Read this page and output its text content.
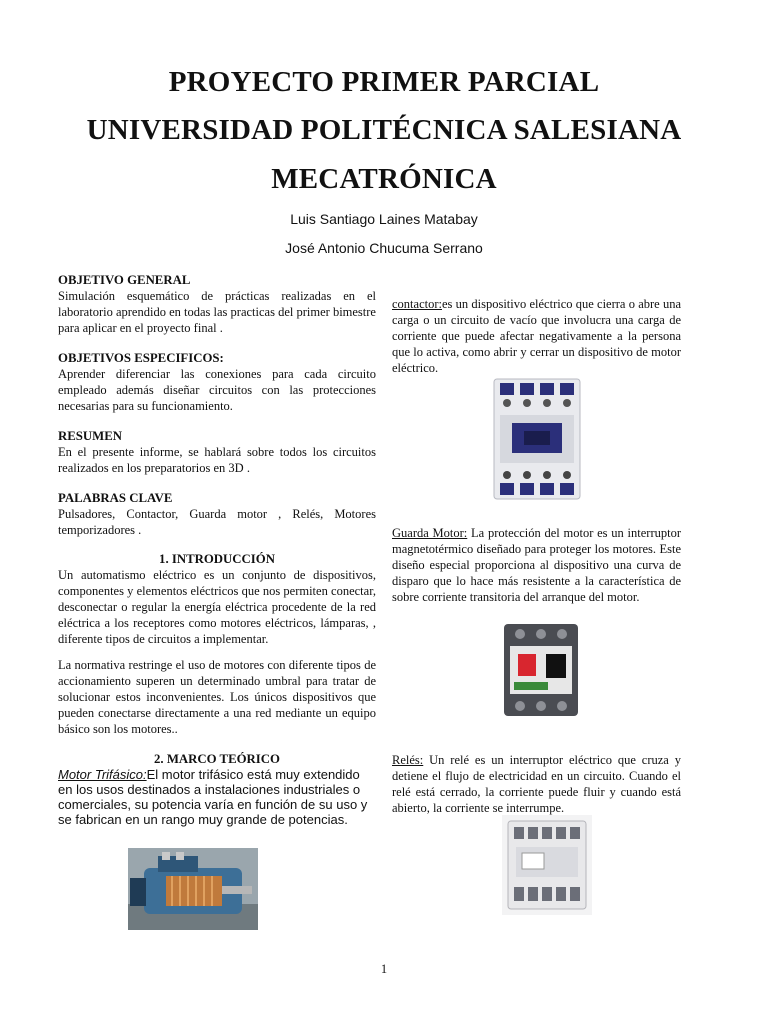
PROYECTO PRIMER PARCIAL
UNIVERSIDAD POLITÉCNICA SALESIANA
MECATRÓNICA
Luis Santiago Laines Matabay
José Antonio Chucuma Serrano
OBJETIVO GENERAL
Simulación esquemático de prácticas realizadas en el laboratorio aprendido en todas las practicas del primer bimestre para aplicar en el proyecto final .
OBJETIVOS ESPECIFICOS:
Aprender diferenciar las conexiones para cada circuito empleado además diseñar circuitos con las protecciones necesarias para su funcionamiento.
RESUMEN
En el presente informe, se hablará sobre todos los circuitos realizados en los preparatorios en 3D .
PALABRAS CLAVE
Pulsadores, Contactor, Guarda motor , Relés, Motores temporizadores .
1. INTRODUCCIÓN
Un automatismo eléctrico es un conjunto de dispositivos, componentes y elementos eléctricos que nos permiten conectar, desconectar o regular la energía eléctrica procedente de la red eléctrica a los receptores como motores eléctricos, lámparas, , diferente tipos de circuitos a implementar.
La normativa restringe el uso de motores con diferente tipos de accionamiento superen un determinado umbral para tratar de solucionar estos inconvenientes. Los únicos dispositivos que pueden conectarse directamente a una red mediante un equipo básico son los motores..
2. MARCO TEÓRICO
Motor Trifásico:El motor trifásico está muy extendido en los usos destinados a instalaciones industriales o comerciales, su potencia varía en función de su uso y se fabrican en un rango muy grande de potencias.
contactor:es un dispositivo eléctrico que cierra o abre una carga o un circuito de vacío que involucra una carga de corriente que puede afectar negativamente a la persona que lo activa, como abrir y cerrar un dispositivo de motor eléctrico.
Guarda Motor: La protección del motor es un interruptor magnetotérmico diseñado para proteger los motores. Este diseño especial proporciona al dispositivo una curva de disparo que lo hace más resistente a la característica de sobre corriente transitoria del arranque del motor.
Relés: Un relé es un interruptor eléctrico que cruza y detiene el flujo de electricidad en un circuito. Cuando el relé está cerrado, la corriente puede fluir y cuando está abierto, la corriente se interrumpe.
1
